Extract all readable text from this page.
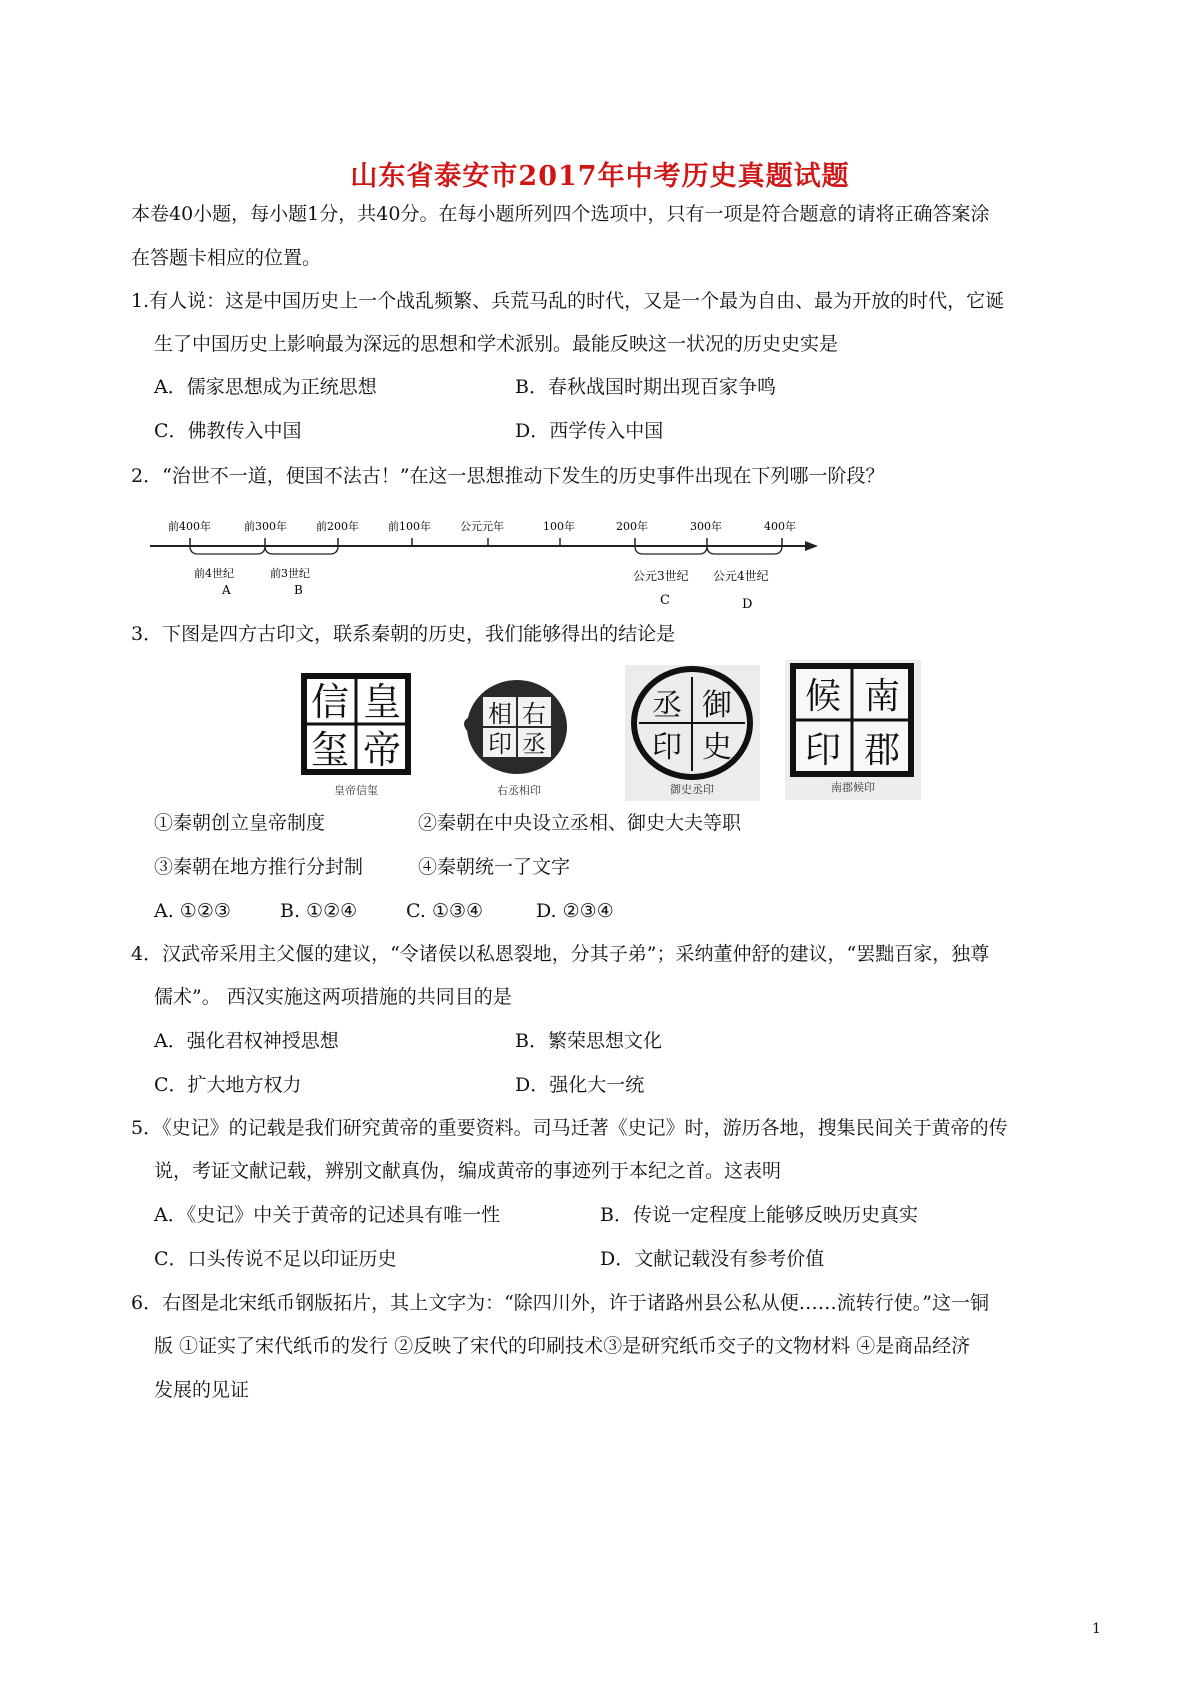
山东省泰安市2017年中考历史真题试题
本卷40小题，每小题1分，共40分。在每小题所列四个选项中，只有一项是符合题意的请将正确答案涂
在答题卡相应的位置。
1.有人说：这是中国历史上一个战乱频繁、兵荒马乱的时代，又是一个最为自由、最为开放的时代，它诞
生了中国历史上影响最为深远的思想和学术派别。最能反映这一状况的历史史实是
A．儒家思想成为正统思想	B．春秋战国时期出现百家争鸣
C．佛教传入中国	D．西学传入中国
2．“治世不一道，便国不法古！”在这一思想推动下发生的历史事件出现在下列哪一阶段？
前400年	前300年	前200年	前100年	公元元年	100年	200年	300年	400年
前4世纪	前3世纪	公元3世纪 公元4世纪
A	B
C	D
3．下图是四方古印文，联系秦朝的历史，我们能够得出的结论是
皇
帝
信
玺
皇帝信玺
右
丞
相
印
右丞相印
御
史
丞
印
御史丞印
南
郡
候
印
南郡候印
①秦朝创立皇帝制度	②秦朝在中央设立丞相、御史大夫等职
③秦朝在地方推行分封制	④秦朝统一了文字
A. ①②③	B. ①②④	C. ①③④	D. ②③④
4．汉武帝采用主父偃的建议，“令诸侯以私恩裂地，分其子弟”；采纳董仲舒的建议，“罢黜百家，独尊
儒术”。 西汉实施这两项措施的共同目的是
A．强化君权神授思想	B．繁荣思想文化
C．扩大地方权力	D．强化大一统
5．《史记》的记载是我们研究黄帝的重要资料。司马迁著《史记》时，游历各地，搜集民间关于黄帝的传
说，考证文献记载，辨别文献真伪，编成黄帝的事迹列于本纪之首。这表明
A．《史记》中关于黄帝的记述具有唯一性	B．传说一定程度上能够反映历史真实
C．口头传说不足以印证历史	D．文献记载没有参考价值
6．右图是北宋纸币钢版拓片，其上文字为：“除四川外，许于诸路州县公私从便……流转行使。”这一铜
版 ①证实了宋代纸币的发行 ②反映了宋代的印刷技术③是研究纸币交子的文物材料 ④是商品经济
发展的见证
1
